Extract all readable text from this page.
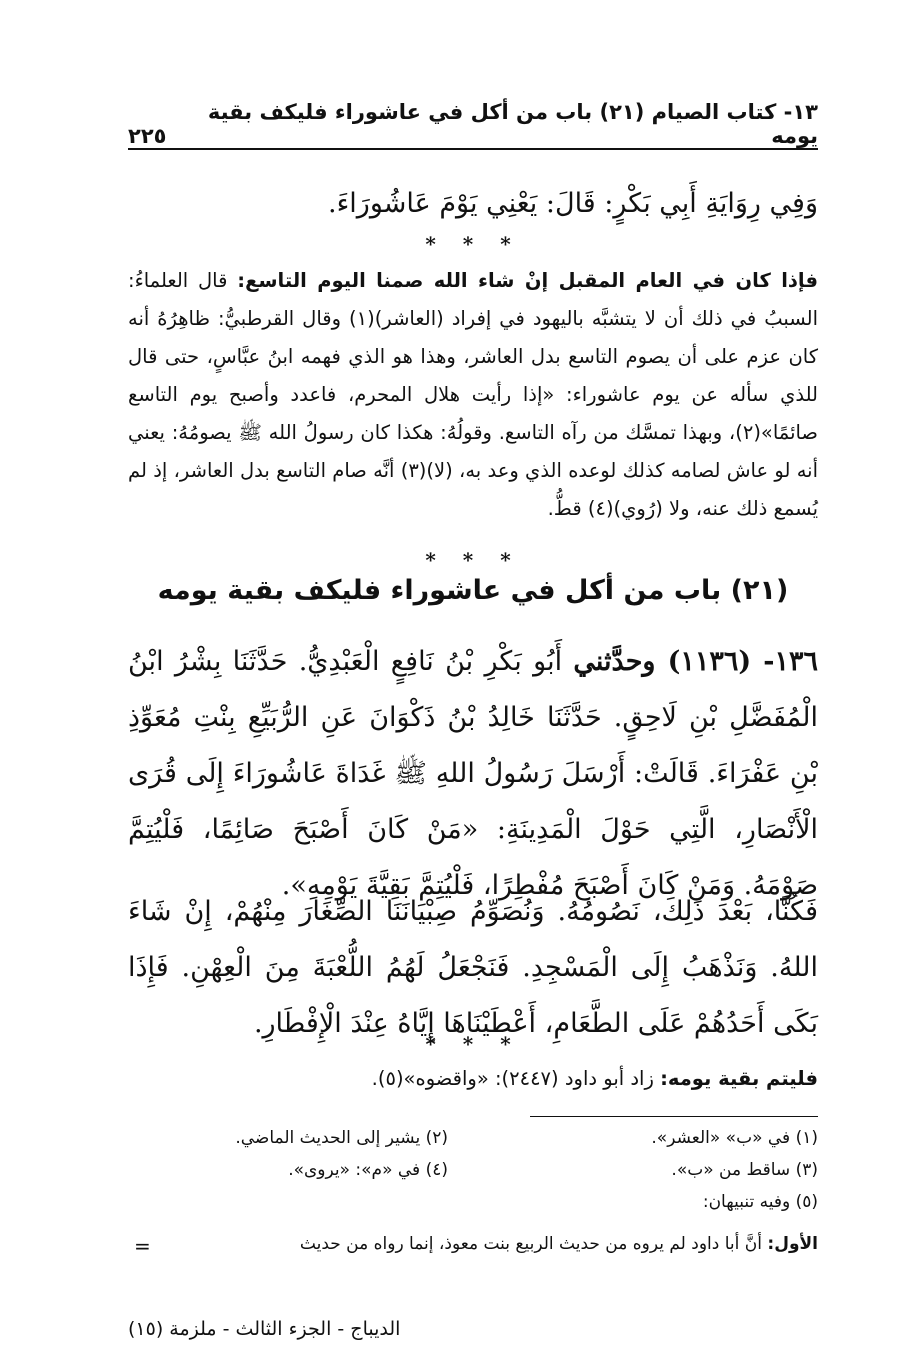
١٣- كتاب الصيام (٢١) باب من أكل في عاشوراء فليكف بقية يومه
٢٢٥
وَفِي رِوَايَةِ أَبِي بَكْرٍ: قَالَ: يَعْنِي يَوْمَ عَاشُورَاءَ.
* * *
فإذا كان في العام المقبل إنْ شاء الله صمنا اليوم التاسع: قال العلماءُ: السببُ في ذلك أن لا يتشبَّه باليهود في إفراد (العاشر)(١) وقال القرطبيُّ: ظاهِرُهُ أنه كان عزم على أن يصوم التاسع بدل العاشر، وهذا هو الذي فهمه ابنُ عبَّاسٍ، حتى قال للذي سأله عن يوم عاشوراء: «إذا رأيت هلال المحرم، فاعدد وأصبح يوم التاسع صائمًا»(٢)، وبهذا تمسَّك من رآه التاسع. وقولُهُ: هكذا كان رسولُ الله ﷺ يصومُهُ: يعني أنه لو عاش لصامه كذلك لوعده الذي وعد به، (لا)(٣) أنَّه صام التاسع بدل العاشر، إذ لم يُسمع ذلك عنه، ولا (رُوي)(٤) قطُّ.
* * *
(٢١) باب من أكل في عاشوراء فليكف بقية يومه
١٣٦- (١١٣٦) وحدَّثني أَبُو بَكْرِ بْنُ نَافِعٍ الْعَبْدِيُّ. حَدَّثَنَا بِشْرُ ابْنُ الْمُفَضَّلِ بْنِ لَاحِقٍ. حَدَّثَنَا خَالِدُ بْنُ ذَكْوَانَ عَنِ الرُّبَيِّعِ بِنْتِ مُعَوِّذِ بْنِ عَفْرَاءَ. قَالَتْ: أَرْسَلَ رَسُولُ اللهِ ﷺ غَدَاةَ عَاشُورَاءَ إِلَى قُرَى الْأَنْصَارِ، الَّتِي حَوْلَ الْمَدِينَةِ: «مَنْ كَانَ أَصْبَحَ صَائِمًا، فَلْيُتِمَّ صَوْمَهُ. وَمَنْ كَانَ أَصْبَحَ مُفْطِرًا، فَلْيُتِمَّ بَقِيَّةَ يَوْمِهِ».
فَكُنَّا، بَعْدَ ذَلِكَ، نَصُومُهُ. وَنُصَوِّمُ صِبْيَانَنَا الصِّغَارَ مِنْهُمْ، إِنْ شَاءَ اللهُ. وَنَذْهَبُ إِلَى الْمَسْجِدِ. فَنَجْعَلُ لَهُمُ اللُّعْبَةَ مِنَ الْعِهْنِ. فَإِذَا بَكَى أَحَدُهُمْ عَلَى الطَّعَامِ، أَعْطَيْنَاهَا إِيَّاهُ عِنْدَ الْإِفْطَارِ.
* * *
فليتم بقية يومه: زاد أبو داود (٢٤٤٧): «واقضوه»(٥).
(١) في «ب» «العشر».
(٢) يشير إلى الحديث الماضي.
(٣) ساقط من «ب».
(٤) في «م»: «يروى».
(٥) وفيه تنبيهان:
الأول: أنَّ أبا داود لم يروه من حديث الربيع بنت معوذ، إنما رواه من حديث
=
الديباج - الجزء الثالث - ملزمة (١٥)
